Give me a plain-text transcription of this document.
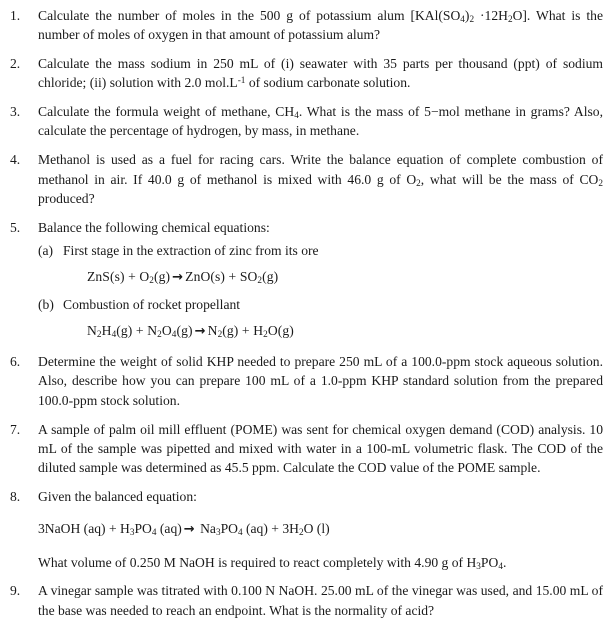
1.	Calculate the number of moles in the 500 g of potassium alum $[KAl(SO_4)_2 \cdot 12H_2O]$. What is the number of moles of oxygen in that amount of potassium alum?

2.	Calculate the mass sodium in 250 mL of (i) seawater with 35 parts per thousand (ppt) of sodium chloride; (ii) solution with 2.0 $mol.L^{-1}$ of sodium carbonate solution.

3.	Calculate the formula weight of methane, $CH_4$. What is the mass of 5−mol methane in grams? Also, calculate the percentage of hydrogen, by mass, in methane.

4.	Methanol is used as a fuel for racing cars. Write the balance equation of complete combustion of methanol in air. If 40.0 g of methanol is mixed with 46.0 g of $O_2$, what will be the mass of $CO_2$ produced?

5.	Balance the following chemical equations:

(a) First stage in the extraction of zinc from its ore

$ZnS(s) + O_2(g) \to ZnO(s) + SO_2(g)$
(b) Combustion of rocket propellant

$N_2H_4(g) + N_2O_4(g) \to N_2(g) + H_2O(g)$
6.	Determine the weight of solid KHP needed to prepare 250 mL of a 100.0-ppm stock aqueous solution. Also, describe how you can prepare 100 mL of a 1.0-ppm KHP standard solution from the prepared 100.0-ppm stock solution.

7.	A sample of palm oil mill effluent (POME) was sent for chemical oxygen demand (COD) analysis. 10 mL of the sample was pipetted and mixed with water in a 100-mL volumetric flask. The COD of the diluted sample was determined as 45.5 ppm. Calculate the COD value of the POME sample.

8.	Given the balanced equation:

3NaOH $(aq) + H_3PO_4$ $(aq) \to Na_3PO_4$ $(aq) + 3H_2O$ (l)

What volume of 0.250 M NaOH is required to react completely with 4.90 g of $H_3PO_4$.

9.	A vinegar sample was titrated with 0.100 N NaOH. 25.00 mL of the vinegar was used, and 15.00 mL of the base was needed to reach an endpoint. What is the normality of acid?
